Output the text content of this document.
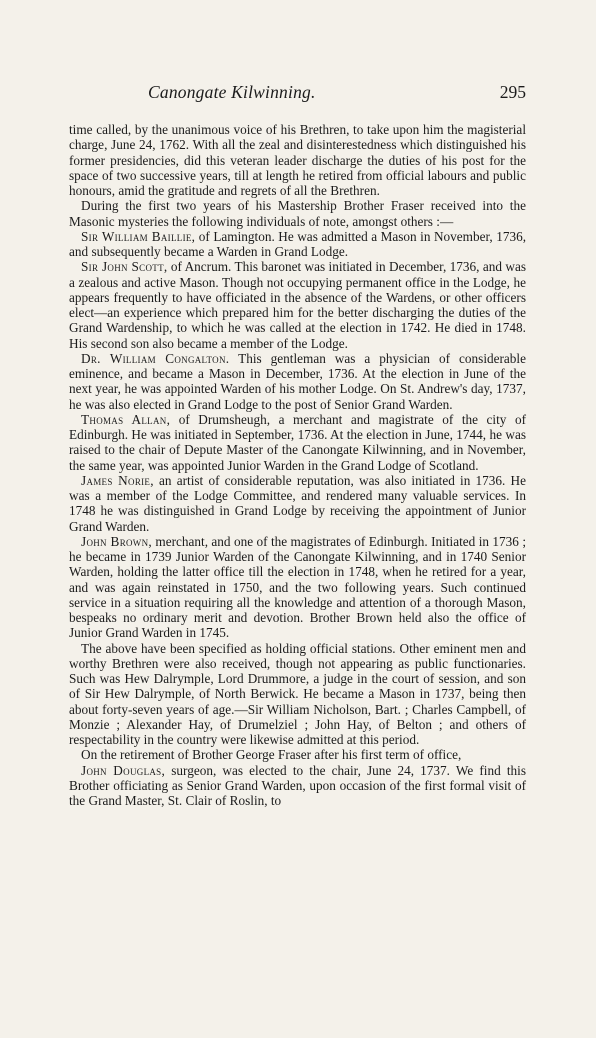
Canongate Kilwinning.	295

time called, by the unanimous voice of his Brethren, to take upon him the magisterial charge, June 24, 1762. With all the zeal and disinterestedness which distinguished his former presidencies, did this veteran leader discharge the duties of his post for the space of two successive years, till at length he retired from official labours and public honours, amid the gratitude and regrets of all the Brethren.

During the first two years of his Mastership Brother Fraser received into the Masonic mysteries the following individuals of note, amongst others :—

Sir William Baillie, of Lamington. He was admitted a Mason in November, 1736, and subsequently became a Warden in Grand Lodge.

Sir John Scott, of Ancrum. This baronet was initiated in December, 1736, and was a zealous and active Mason. Though not occupying permanent office in the Lodge, he appears frequently to have officiated in the absence of the Wardens, or other officers elect—an experience which prepared him for the better discharging the duties of the Grand Wardenship, to which he was called at the election in 1742. He died in 1748. His second son also became a member of the Lodge.

Dr. William Congalton. This gentleman was a physician of considerable eminence, and became a Mason in December, 1736. At the election in June of the next year, he was appointed Warden of his mother Lodge. On St. Andrew's day, 1737, he was also elected in Grand Lodge to the post of Senior Grand Warden.

Thomas Allan, of Drumsheugh, a merchant and magistrate of the city of Edinburgh. He was initiated in September, 1736. At the election in June, 1744, he was raised to the chair of Depute Master of the Canongate Kilwinning, and in November, the same year, was appointed Junior Warden in the Grand Lodge of Scotland.

James Norie, an artist of considerable reputation, was also initiated in 1736. He was a member of the Lodge Committee, and rendered many valuable services. In 1748 he was distinguished in Grand Lodge by receiving the appointment of Junior Grand Warden.

John Brown, merchant, and one of the magistrates of Edinburgh. Initiated in 1736 ; he became in 1739 Junior Warden of the Canongate Kilwinning, and in 1740 Senior Warden, holding the latter office till the election in 1748, when he retired for a year, and was again reinstated in 1750, and the two following years. Such continued service in a situation requiring all the knowledge and attention of a thorough Mason, bespeaks no ordinary merit and devotion. Brother Brown held also the office of Junior Grand Warden in 1745.

The above have been specified as holding official stations. Other eminent men and worthy Brethren were also received, though not appearing as public functionaries. Such was Hew Dalrymple, Lord Drummore, a judge in the court of session, and son of Sir Hew Dalrymple, of North Berwick. He became a Mason in 1737, being then about forty-seven years of age.—Sir William Nicholson, Bart. ; Charles Campbell, of Monzie ; Alexander Hay, of Drumelziel ; John Hay, of Belton ; and others of respectability in the country were likewise admitted at this period.

On the retirement of Brother George Fraser after his first term of office,

John Douglas, surgeon, was elected to the chair, June 24, 1737. We find this Brother officiating as Senior Grand Warden, upon occasion of the first formal visit of the Grand Master, St. Clair of Roslin, to
